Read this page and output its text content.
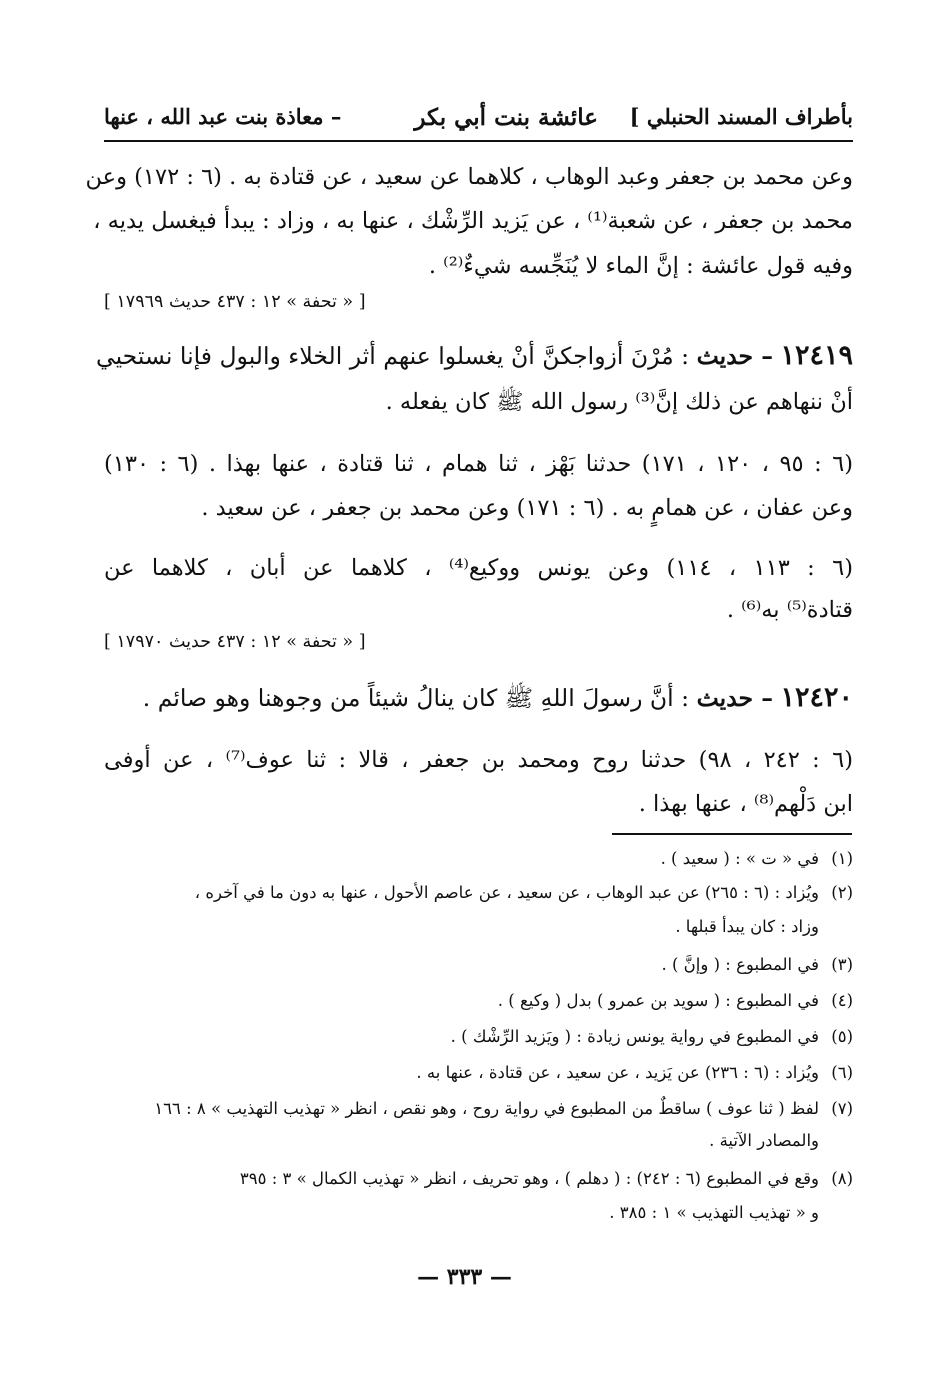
بأطراف المسند الحنبلي ]
عائشة بنت أبي بكر
– معاذة بنت عبد الله ، عنها
وعن محمد بن جعفر وعبد الوهاب ، كلاهما عن سعيد ، عن قتادة به . (٦ : ١٧٢) وعن
محمد بن جعفر ، عن شعبة⁽¹⁾ ، عن يَزيد الرِّشْك ، عنها به ، وزاد : يبدأ فيغسل يديه ،
وفيه قول عائشة : إنَّ الماء لا يُنَجِّسه شيءٌ⁽²⁾ .
[ « تحفة » ١٢ : ٤٣٧ حديث ١٧٩٦٩ ]
١٢٤١٩ – حديث : مُرْنَ أزواجكنَّ أنْ يغسلوا عنهم أثر الخلاء والبول فإنا نستحيي
أنْ ننهاهم عن ذلك إنَّ⁽³⁾ رسول الله ﷺ كان يفعله .
(٦ : ٩٥ ، ١٢٠ ، ١٧١) حدثنا بَهْز ، ثنا همام ، ثنا قتادة ، عنها بهذا . (٦ : ١٣٠)
وعن عفان ، عن همامٍ به . (٦ : ١٧١) وعن محمد بن جعفر ، عن سعيد .
(٦ : ١١٣ ، ١١٤) وعن يونس ووكيع⁽⁴⁾ ، كلاهما عن أبان ، كلاهما عن
قتادة⁽⁵⁾ به⁽⁶⁾ .
[ « تحفة » ١٢ : ٤٣٧ حديث ١٧٩٧٠ ]
١٢٤٢٠ – حديث : أنَّ رسولَ اللهِ ﷺ كان ينالُ شيئاً من وجوهنا وهو صائم .
(٦ : ٢٤٢ ، ٩٨) حدثنا روح ومحمد بن جعفر ، قالا : ثنا عوف⁽⁷⁾ ، عن أوفى
ابن دَلْهم⁽⁸⁾ ، عنها بهذا .
(١)في « ت » : ( سعيد ) .
(٢)ويُزاد : (٦ : ٢٦٥) عن عبد الوهاب ، عن سعيد ، عن عاصم الأحول ، عنها به دون ما في آخره ،
وزاد : كان يبدأ قبلها .
(٣)في المطبوع : ( وإنَّ ) .
(٤)في المطبوع : ( سويد بن عمرو ) بدل ( وكيع ) .
(٥)في المطبوع في رواية يونس زيادة : ( ويَزيد الرِّشْك ) .
(٦)ويُزاد : (٦ : ٢٣٦) عن يَزيد ، عن سعيد ، عن قتادة ، عنها به .
(٧)لفظ ( ثنا عوف ) ساقطٌ من المطبوع في رواية روح ، وهو نقص ، انظر « تهذيب التهذيب » ٨ : ١٦٦
والمصادر الآتية .
(٨)وقع في المطبوع (٦ : ٢٤٢) : ( دهلم ) ، وهو تحريف ، انظر « تهذيب الكمال » ٣ : ٣٩٥
و « تهذيب التهذيب » ١ : ٣٨٥ .
— ٣٣٣ —
